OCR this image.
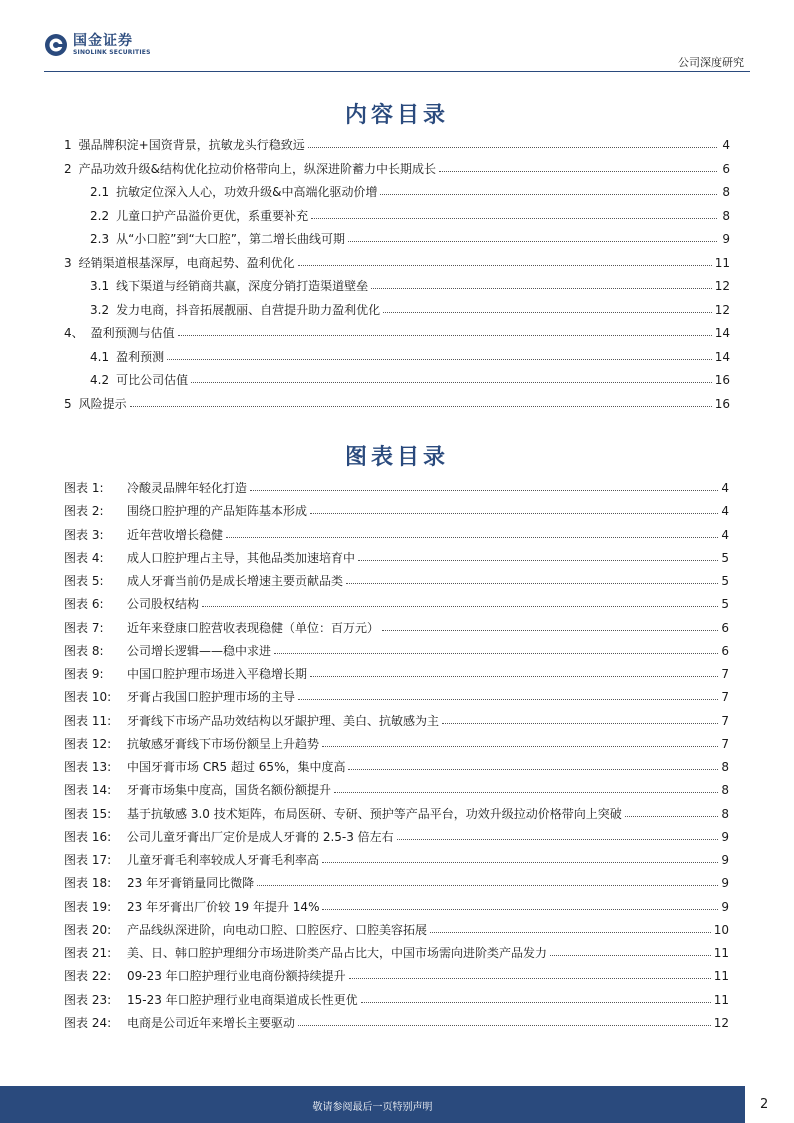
国金证券
SINOLINK SECURITIES
公司深度研究
内容目录
1 强品牌积淀+国资背景，抗敏龙头行稳致远	4
2 产品功效升级&结构优化拉动价格带向上，纵深进阶蓄力中长期成长	6
2.1 抗敏定位深入人心，功效升级&中高端化驱动价增	8
2.2 儿童口护产品溢价更优，系重要补充	8
2.3 从“小口腔”到“大口腔”，第二增长曲线可期	9
3 经销渠道根基深厚，电商起势、盈利优化	11
3.1 线下渠道与经销商共赢，深度分销打造渠道壁垒	12
3.2 发力电商，抖音拓展靓丽、自营提升助力盈利优化	12
4、 盈利预测与估值	14
4.1 盈利预测	14
4.2 可比公司估值	16
5 风险提示	16
图表目录
图表 1:	冷酸灵品牌年轻化打造	4
图表 2:	围绕口腔护理的产品矩阵基本形成	4
图表 3:	近年营收增长稳健	4
图表 4:	成人口腔护理占主导，其他品类加速培育中	5
图表 5:	成人牙膏当前仍是成长增速主要贡献品类	5
图表 6:	公司股权结构	5
图表 7:	近年来登康口腔营收表现稳健（单位：百万元）	6
图表 8:	公司增长逻辑——稳中求进	6
图表 9:	中国口腔护理市场进入平稳增长期	7
图表 10:	牙膏占我国口腔护理市场的主导	7
图表 11:	牙膏线下市场产品功效结构以牙龈护理、美白、抗敏感为主	7
图表 12:	抗敏感牙膏线下市场份额呈上升趋势	7
图表 13:	中国牙膏市场 CR5 超过 65%，集中度高	8
图表 14:	牙膏市场集中度高，国货名额份额提升	8
图表 15:	基于抗敏感 3.0 技术矩阵，布局医研、专研、预护等产品平台，功效升级拉动价格带向上突破	8
图表 16:	公司儿童牙膏出厂定价是成人牙膏的 2.5-3 倍左右	9
图表 17:	儿童牙膏毛利率较成人牙膏毛利率高	9
图表 18:	23 年牙膏销量同比微降	9
图表 19:	23 年牙膏出厂价较 19 年提升 14%	9
图表 20:	产品线纵深进阶，向电动口腔、口腔医疗、口腔美容拓展	10
图表 21:	美、日、韩口腔护理细分市场进阶类产品占比大，中国市场需向进阶类产品发力	11
图表 22:	09-23 年口腔护理行业电商份额持续提升	11
图表 23:	15-23 年口腔护理行业电商渠道成长性更优	11
图表 24:	电商是公司近年来增长主要驱动	12
敬请参阅最后一页特别声明	2
